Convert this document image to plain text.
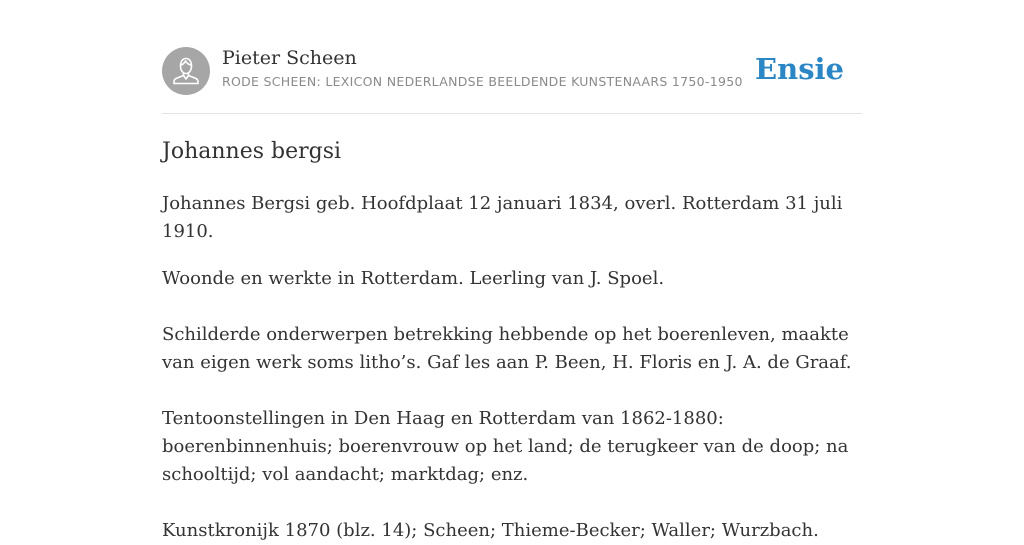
Pieter Scheen
RODE SCHEEN: LEXICON NEDERLANDSE BEELDENDE KUNSTENAARS 1750-1950 Ensie
Johannes bergsi

Johannes Bergsi geb. Hoofdplaat 12 januari 1834, overl. Rotterdam 31 juli 1910.

Woonde en werkte in Rotterdam. Leerling van J. Spoel.

Schilderde onderwerpen betrekking hebbende op het boerenleven, maakte van eigen werk soms litho’s. Gaf les aan P. Been, H. Floris en J. A. de Graaf.

Tentoonstellingen in Den Haag en Rotterdam van 1862-1880: boerenbinnenhuis; boerenvrouw op het land; de terugkeer van de doop; na schooltijd; vol aandacht; marktdag; enz.

Kunstkronijk 1870 (blz. 14); Scheen; Thieme-Becker; Waller; Wurzbach.
